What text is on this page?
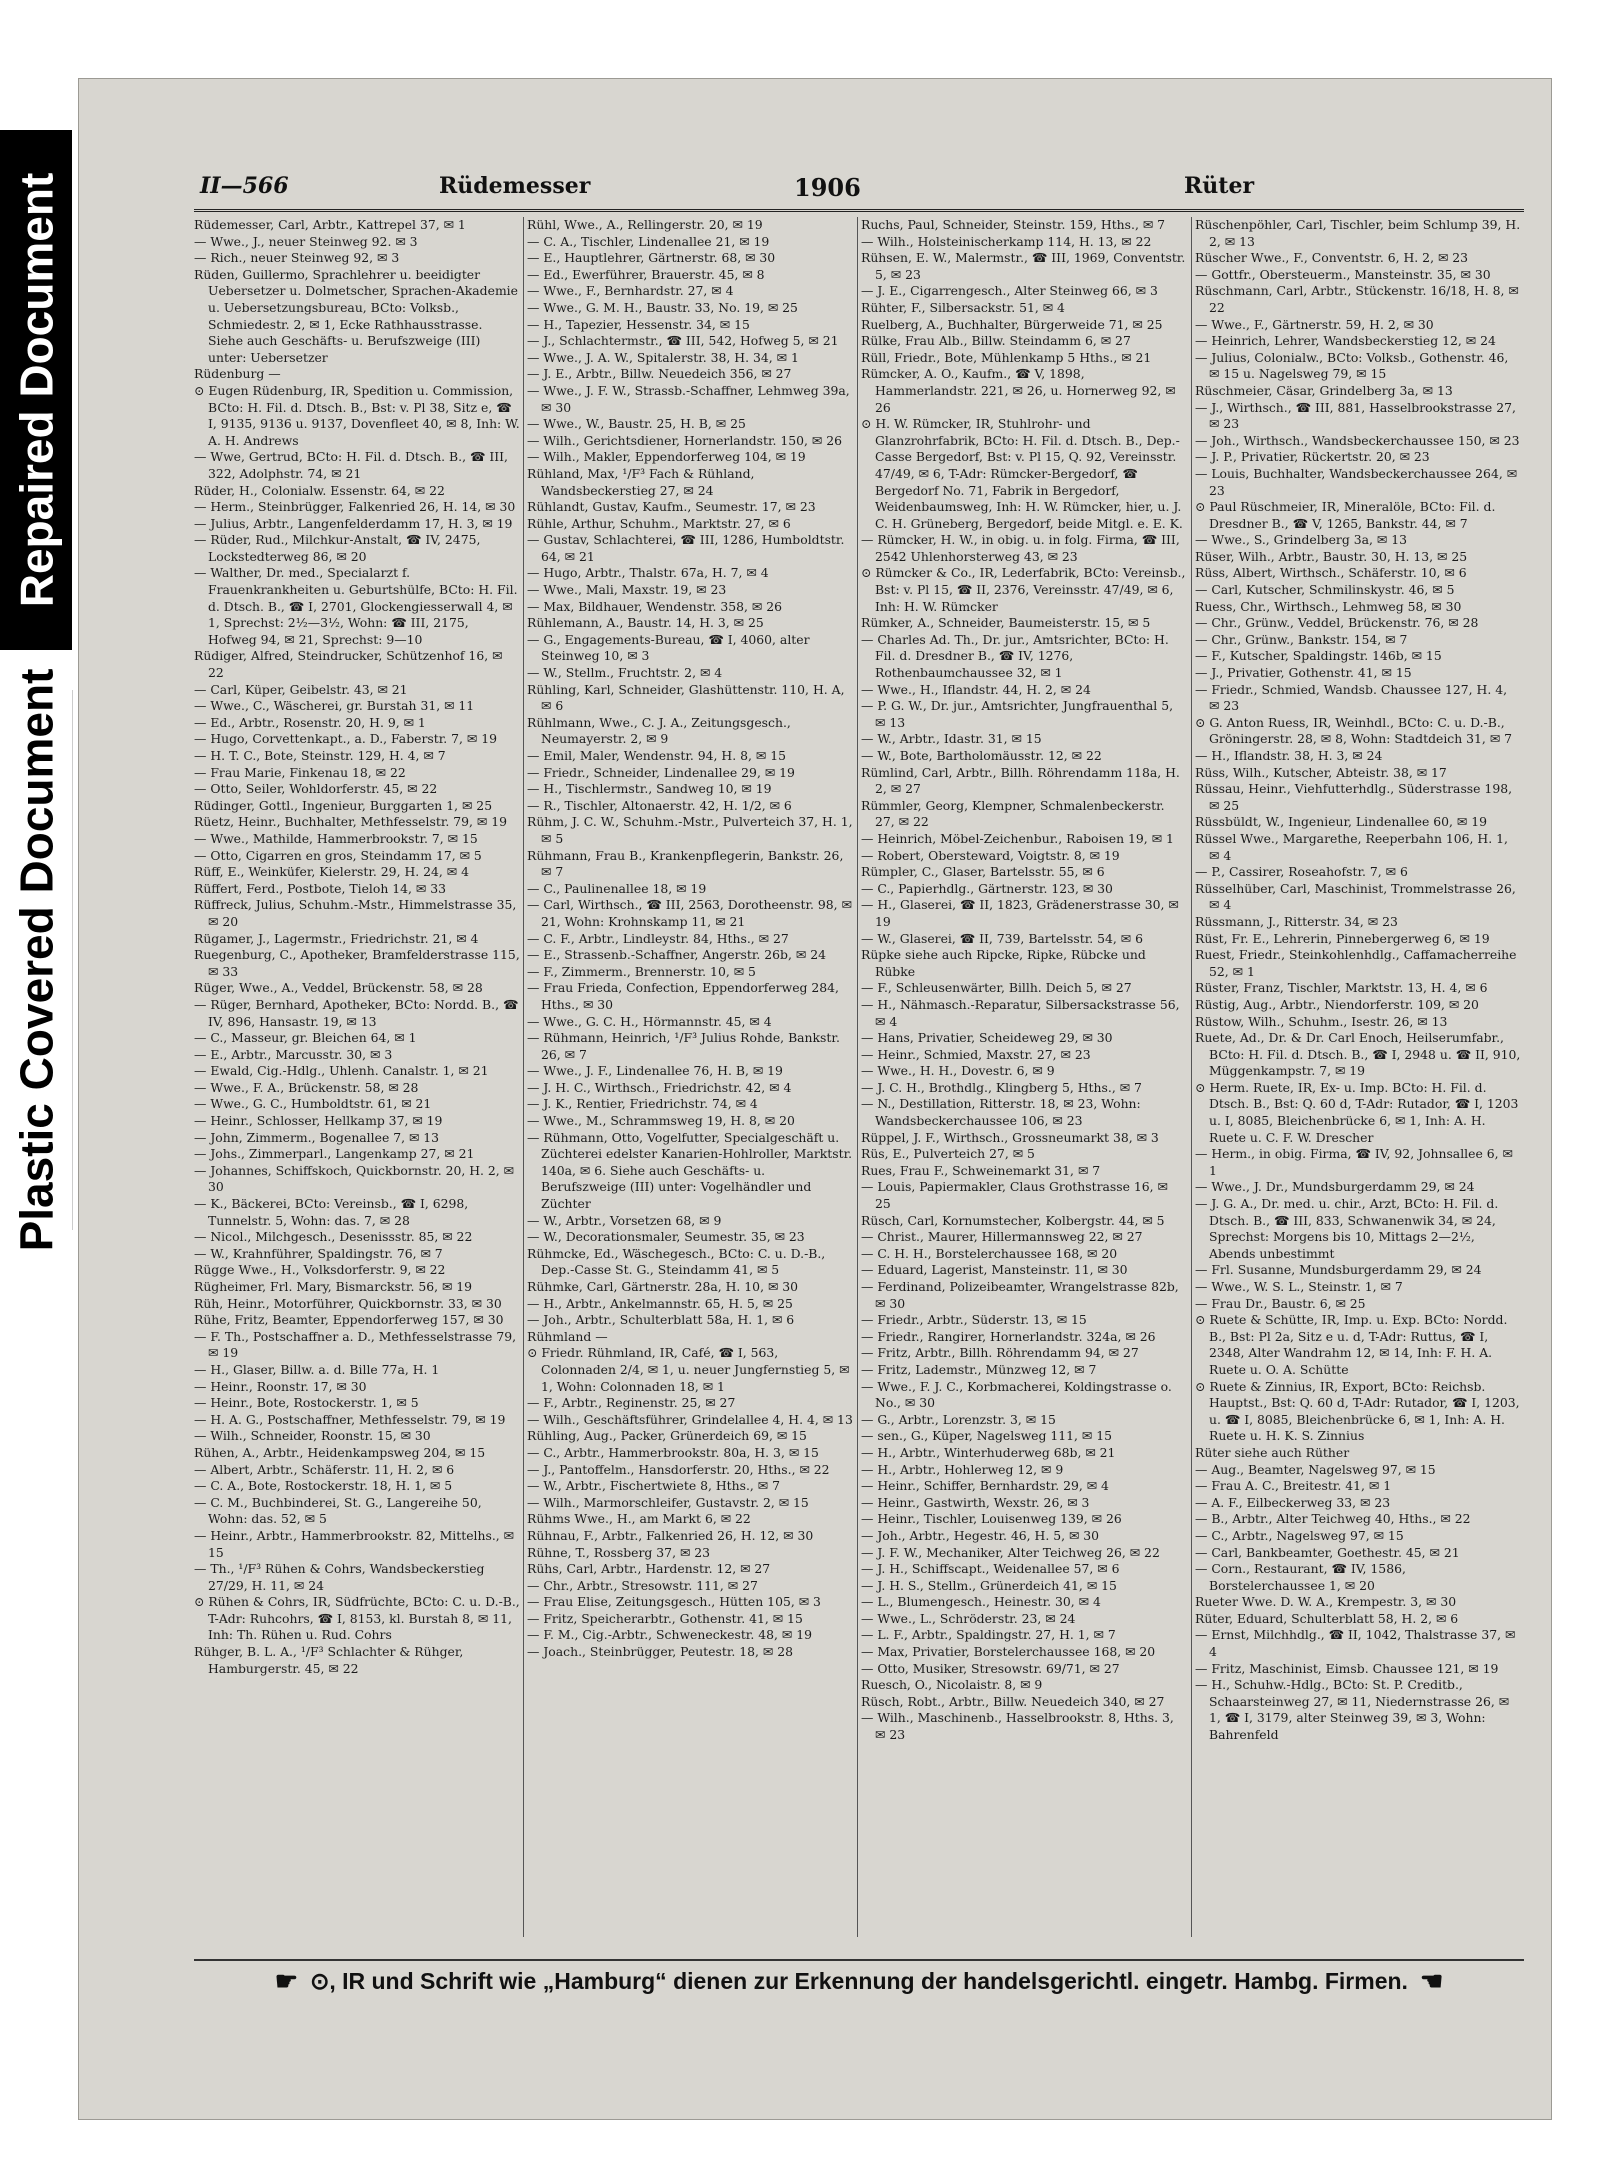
Repaired Document
Plastic Covered Document
II—566	Rüdemesser	1906	Rüter

Rüdemesser, Carl, Arbtr., Kattrepel 37, ✉ 1

— Wwe., J., neuer Steinweg 92. ✉ 3

— Rich., neuer Steinweg 92, ✉ 3

Rüden, Guillermo, Sprachlehrer u. beeidigter Uebersetzer u. Dolmetscher, Sprachen-Akademie u. Uebersetzungsbureau, BCto: Volksb., Schmiedestr. 2, ✉ 1, Ecke Rathhausstrasse. Siehe auch Geschäfts- u. Berufszweige (III) unter: Uebersetzer

Rüdenburg —

⊙ Eugen Rüdenburg, IR, Spedition u. Commission, BCto: H. Fil. d. Dtsch. B., Bst: v. Pl 38, Sitz e, ☎ I, 9135, 9136 u. 9137, Dovenfleet 40, ✉ 8, Inh: W. A. H. Andrews

— Wwe, Gertrud, BCto: H. Fil. d. Dtsch. B., ☎ III, 322, Adolphstr. 74, ✉ 21

Rüder, H., Colonialw. Essenstr. 64, ✉ 22

— Herm., Steinbrügger, Falkenried 26, H. 14, ✉ 30

— Julius, Arbtr., Langenfelderdamm 17, H. 3, ✉ 19

— Rüder, Rud., Milchkur-Anstalt, ☎ IV, 2475, Lockstedterweg 86, ✉ 20

— Walther, Dr. med., Specialarzt f. Frauenkrankheiten u. Geburtshülfe, BCto: H. Fil. d. Dtsch. B., ☎ I, 2701, Glockengiesserwall 4, ✉ 1, Sprechst: 2½—3½, Wohn: ☎ III, 2175, Hofweg 94, ✉ 21, Sprechst: 9—10

Rüdiger, Alfred, Steindrucker, Schützenhof 16, ✉ 22

— Carl, Küper, Geibelstr. 43, ✉ 21

— Wwe., C., Wäscherei, gr. Burstah 31, ✉ 11

— Ed., Arbtr., Rosenstr. 20, H. 9, ✉ 1

— Hugo, Corvettenkapt., a. D., Faberstr. 7, ✉ 19

— H. T. C., Bote, Steinstr. 129, H. 4, ✉ 7

— Frau Marie, Finkenau 18, ✉ 22

— Otto, Seiler, Wohldorferstr. 45, ✉ 22

Rüdinger, Gottl., Ingenieur, Burggarten 1, ✉ 25

Rüetz, Heinr., Buchhalter, Methfesselstr. 79, ✉ 19

— Wwe., Mathilde, Hammerbrookstr. 7, ✉ 15

— Otto, Cigarren en gros, Steindamm 17, ✉ 5

Rüff, E., Weinküfer, Kielerstr. 29, H. 24, ✉ 4

Rüffert, Ferd., Postbote, Tieloh 14, ✉ 33

Rüffreck, Julius, Schuhm.-Mstr., Himmelstrasse 35, ✉ 20

Rügamer, J., Lagermstr., Friedrichstr. 21, ✉ 4

Ruegenburg, C., Apotheker, Bramfelderstrasse 115, ✉ 33

Rüger, Wwe., A., Veddel, Brückenstr. 58, ✉ 28

— Rüger, Bernhard, Apotheker, BCto: Nordd. B., ☎ IV, 896, Hansastr. 19, ✉ 13

— C., Masseur, gr. Bleichen 64, ✉ 1

— E., Arbtr., Marcusstr. 30, ✉ 3

— Ewald, Cig.-Hdlg., Uhlenh. Canalstr. 1, ✉ 21

— Wwe., F. A., Brückenstr. 58, ✉ 28

— Wwe., G. C., Humboldtstr. 61, ✉ 21

— Heinr., Schlosser, Hellkamp 37, ✉ 19

— John, Zimmerm., Bogenallee 7, ✉ 13

— Johs., Zimmerparl., Langenkamp 27, ✉ 21

— Johannes, Schiffskoch, Quickbornstr. 20, H. 2, ✉ 30

— K., Bäckerei, BCto: Vereinsb., ☎ I, 6298, Tunnelstr. 5, Wohn: das. 7, ✉ 28

— Nicol., Milchgesch., Desenissstr. 85, ✉ 22

— W., Krahnführer, Spaldingstr. 76, ✉ 7

Rügge Wwe., H., Volksdorferstr. 9, ✉ 22

Rügheimer, Frl. Mary, Bismarckstr. 56, ✉ 19

Rüh, Heinr., Motorführer, Quickbornstr. 33, ✉ 30

Rühe, Fritz, Beamter, Eppendorferweg 157, ✉ 30

— F. Th., Postschaffner a. D., Methfesselstrasse 79, ✉ 19

— H., Glaser, Billw. a. d. Bille 77a, H. 1

— Heinr., Roonstr. 17, ✉ 30

— Heinr., Bote, Rostockerstr. 1, ✉ 5

— H. A. G., Postschaffner, Methfesselstr. 79, ✉ 19

— Wilh., Schneider, Roonstr. 15, ✉ 30

Rühen, A., Arbtr., Heidenkampsweg 204, ✉ 15

— Albert, Arbtr., Schäferstr. 11, H. 2, ✉ 6

— C. A., Bote, Rostockerstr. 18, H. 1, ✉ 5

— C. M., Buchbinderei, St. G., Langereihe 50, Wohn: das. 52, ✉ 5

— Heinr., Arbtr., Hammerbrookstr. 82, Mittelhs., ✉ 15

— Th., ¹/F³ Rühen & Cohrs, Wandsbeckerstieg 27/29, H. 11, ✉ 24

⊙ Rühen & Cohrs, IR, Südfrüchte, BCto: C. u. D.-B., T-Adr: Ruhcohrs, ☎ I, 8153, kl. Burstah 8, ✉ 11, Inh: Th. Rühen u. Rud. Cohrs

Rühger, B. L. A., ¹/F³ Schlachter & Rühger, Hamburgerstr. 45, ✉ 22

Rühl, Wwe., A., Rellingerstr. 20, ✉ 19

— C. A., Tischler, Lindenallee 21, ✉ 19

— E., Hauptlehrer, Gärtnerstr. 68, ✉ 30

— Ed., Ewerführer, Brauerstr. 45, ✉ 8

— Wwe., F., Bernhardstr. 27, ✉ 4

— Wwe., G. M. H., Baustr. 33, No. 19, ✉ 25

— H., Tapezier, Hessenstr. 34, ✉ 15

— J., Schlachtermstr., ☎ III, 542, Hofweg 5, ✉ 21

— Wwe., J. A. W., Spitalerstr. 38, H. 34, ✉ 1

— J. E., Arbtr., Billw. Neuedeich 356, ✉ 27

— Wwe., J. F. W., Strassb.-Schaffner, Lehmweg 39a, ✉ 30

— Wwe., W., Baustr. 25, H. B, ✉ 25

— Wilh., Gerichtsdiener, Hornerlandstr. 150, ✉ 26

— Wilh., Makler, Eppendorferweg 104, ✉ 19

Rühland, Max, ¹/F³ Fach & Rühland, Wandsbeckerstieg 27, ✉ 24

Rühlandt, Gustav, Kaufm., Seumestr. 17, ✉ 23

Rühle, Arthur, Schuhm., Marktstr. 27, ✉ 6

— Gustav, Schlachterei, ☎ III, 1286, Humboldtstr. 64, ✉ 21

— Hugo, Arbtr., Thalstr. 67a, H. 7, ✉ 4

— Wwe., Mali, Maxstr. 19, ✉ 23

— Max, Bildhauer, Wendenstr. 358, ✉ 26

Rühlemann, A., Baustr. 14, H. 3, ✉ 25

— G., Engagements-Bureau, ☎ I, 4060, alter Steinweg 10, ✉ 3

— W., Stellm., Fruchtstr. 2, ✉ 4

Rühling, Karl, Schneider, Glashüttenstr. 110, H. A, ✉ 6

Rühlmann, Wwe., C. J. A., Zeitungsgesch., Neumayerstr. 2, ✉ 9

— Emil, Maler, Wendenstr. 94, H. 8, ✉ 15

— Friedr., Schneider, Lindenallee 29, ✉ 19

— H., Tischlermstr., Sandweg 10, ✉ 19

— R., Tischler, Altonaerstr. 42, H. 1/2, ✉ 6

Rühm, J. C. W., Schuhm.-Mstr., Pulverteich 37, H. 1, ✉ 5

Rühmann, Frau B., Krankenpflegerin, Bankstr. 26, ✉ 7

— C., Paulinenallee 18, ✉ 19

— Carl, Wirthsch., ☎ III, 2563, Dorotheenstr. 98, ✉ 21, Wohn: Krohnskamp 11, ✉ 21

— C. F., Arbtr., Lindleystr. 84, Hths., ✉ 27

— E., Strassenb.-Schaffner, Angerstr. 26b, ✉ 24

— F., Zimmerm., Brennerstr. 10, ✉ 5

— Frau Frieda, Confection, Eppendorferweg 284, Hths., ✉ 30

— Wwe., G. C. H., Hörmannstr. 45, ✉ 4

— Rühmann, Heinrich, ¹/F³ Julius Rohde, Bankstr. 26, ✉ 7

— Wwe., J. F., Lindenallee 76, H. B, ✉ 19

— J. H. C., Wirthsch., Friedrichstr. 42, ✉ 4

— J. K., Rentier, Friedrichstr. 74, ✉ 4

— Wwe., M., Schrammsweg 19, H. 8, ✉ 20

— Rühmann, Otto, Vogelfutter, Specialgeschäft u. Züchterei edelster Kanarien-Hohlroller, Marktstr. 140a, ✉ 6. Siehe auch Geschäfts- u. Berufszweige (III) unter: Vogelhändler und Züchter

— W., Arbtr., Vorsetzen 68, ✉ 9

— W., Decorationsmaler, Seumestr. 35, ✉ 23

Rühmcke, Ed., Wäschegesch., BCto: C. u. D.-B., Dep.-Casse St. G., Steindamm 41, ✉ 5

Rühmke, Carl, Gärtnerstr. 28a, H. 10, ✉ 30

— H., Arbtr., Ankelmannstr. 65, H. 5, ✉ 25

— Joh., Arbtr., Schulterblatt 58a, H. 1, ✉ 6

Rühmland —

⊙ Friedr. Rühmland, IR, Café, ☎ I, 563, Colonnaden 2/4, ✉ 1, u. neuer Jungfernstieg 5, ✉ 1, Wohn: Colonnaden 18, ✉ 1

— F., Arbtr., Reginenstr. 25, ✉ 27

— Wilh., Geschäftsführer, Grindelallee 4, H. 4, ✉ 13

Rühling, Aug., Packer, Grünerdeich 69, ✉ 15

— C., Arbtr., Hammerbrookstr. 80a, H. 3, ✉ 15

— J., Pantoffelm., Hansdorferstr. 20, Hths., ✉ 22

— W., Arbtr., Fischertwiete 8, Hths., ✉ 7

— Wilh., Marmorschleifer, Gustavstr. 2, ✉ 15

Rühms Wwe., H., am Markt 6, ✉ 22

Rühnau, F., Arbtr., Falkenried 26, H. 12, ✉ 30

Rühne, T., Rossberg 37, ✉ 23

Rühs, Carl, Arbtr., Hardenstr. 12, ✉ 27

— Chr., Arbtr., Stresowstr. 111, ✉ 27

— Frau Elise, Zeitungsgesch., Hütten 105, ✉ 3

— Fritz, Speicherarbtr., Gothenstr. 41, ✉ 15

— F. M., Cig.-Arbtr., Schweneckestr. 48, ✉ 19

— Joach., Steinbrügger, Peutestr. 18, ✉ 28

Ruchs, Paul, Schneider, Steinstr. 159, Hths., ✉ 7

— Wilh., Holsteinischerkamp 114, H. 13, ✉ 22

Rühsen, E. W., Malermstr., ☎ III, 1969, Conventstr. 5, ✉ 23

— J. E., Cigarrengesch., Alter Steinweg 66, ✉ 3

Rühter, F., Silbersackstr. 51, ✉ 4

Ruelberg, A., Buchhalter, Bürgerweide 71, ✉ 25

Rülke, Frau Alb., Billw. Steindamm 6, ✉ 27

Rüll, Friedr., Bote, Mühlenkamp 5 Hths., ✉ 21

Rümcker, A. O., Kaufm., ☎ V, 1898, Hammerlandstr. 221, ✉ 26, u. Hornerweg 92, ✉ 26

⊙ H. W. Rümcker, IR, Stuhlrohr- und Glanzrohrfabrik, BCto: H. Fil. d. Dtsch. B., Dep.-Casse Bergedorf, Bst: v. Pl 15, Q. 92, Vereinsstr. 47/49, ✉ 6, T-Adr: Rümcker-Bergedorf, ☎ Bergedorf No. 71, Fabrik in Bergedorf, Weidenbaumsweg, Inh: H. W. Rümcker, hier, u. J. C. H. Grüneberg, Bergedorf, beide Mitgl. e. E. K.

— Rümcker, H. W., in obig. u. in folg. Firma, ☎ III, 2542 Uhlenhorsterweg 43, ✉ 23

⊙ Rümcker & Co., IR, Lederfabrik, BCto: Vereinsb., Bst: v. Pl 15, ☎ II, 2376, Vereinsstr. 47/49, ✉ 6, Inh: H. W. Rümcker

Rümker, A., Schneider, Baumeisterstr. 15, ✉ 5

— Charles Ad. Th., Dr. jur., Amtsrichter, BCto: H. Fil. d. Dresdner B., ☎ IV, 1276, Rothenbaumchaussee 32, ✉ 1

— Wwe., H., Iflandstr. 44, H. 2, ✉ 24

— P. G. W., Dr. jur., Amtsrichter, Jungfrauenthal 5, ✉ 13

— W., Arbtr., Idastr. 31, ✉ 15

— W., Bote, Bartholomäusstr. 12, ✉ 22

Rümlind, Carl, Arbtr., Billh. Röhrendamm 118a, H. 2, ✉ 27

Rümmler, Georg, Klempner, Schmalenbeckerstr. 27, ✉ 22

— Heinrich, Möbel-Zeichenbur., Raboisen 19, ✉ 1

— Robert, Obersteward, Voigtstr. 8, ✉ 19

Rümpler, C., Glaser, Bartelsstr. 55, ✉ 6

— C., Papierhdlg., Gärtnerstr. 123, ✉ 30

— H., Glaserei, ☎ II, 1823, Grädenerstrasse 30, ✉ 19

— W., Glaserei, ☎ II, 739, Bartelsstr. 54, ✉ 6

Rüpke siehe auch Ripcke, Ripke, Rübcke und Rübke

— F., Schleusenwärter, Billh. Deich 5, ✉ 27

— H., Nähmasch.-Reparatur, Silbersackstrasse 56, ✉ 4

— Hans, Privatier, Scheideweg 29, ✉ 30

— Heinr., Schmied, Maxstr. 27, ✉ 23

— Wwe., H. H., Dovestr. 6, ✉ 9

— J. C. H., Brothdlg., Klingberg 5, Hths., ✉ 7

— N., Destillation, Ritterstr. 18, ✉ 23, Wohn: Wandsbeckerchaussee 106, ✉ 23

Rüppel, J. F., Wirthsch., Grossneumarkt 38, ✉ 3

Rüs, E., Pulverteich 27, ✉ 5

Rues, Frau F., Schweinemarkt 31, ✉ 7

— Louis, Papiermakler, Claus Grothstrasse 16, ✉ 25

Rüsch, Carl, Kornumstecher, Kolbergstr. 44, ✉ 5

— Christ., Maurer, Hillermannsweg 22, ✉ 27

— C. H. H., Borstelerchaussee 168, ✉ 20

— Eduard, Lagerist, Mansteinstr. 11, ✉ 30

— Ferdinand, Polizeibeamter, Wrangelstrasse 82b, ✉ 30

— Friedr., Arbtr., Süderstr. 13, ✉ 15

— Friedr., Rangirer, Hornerlandstr. 324a, ✉ 26

— Fritz, Arbtr., Billh. Röhrendamm 94, ✉ 27

— Fritz, Lademstr., Münzweg 12, ✉ 7

— Wwe., F. J. C., Korbmacherei, Koldingstrasse o. No., ✉ 30

— G., Arbtr., Lorenzstr. 3, ✉ 15

— sen., G., Küper, Nagelsweg 111, ✉ 15

— H., Arbtr., Winterhuderweg 68b, ✉ 21

— H., Arbtr., Hohlerweg 12, ✉ 9

— Heinr., Schiffer, Bernhardstr. 29, ✉ 4

— Heinr., Gastwirth, Wexstr. 26, ✉ 3

— Heinr., Tischler, Louisenweg 139, ✉ 26

— Joh., Arbtr., Hegestr. 46, H. 5, ✉ 30

— J. F. W., Mechaniker, Alter Teichweg 26, ✉ 22

— J. H., Schiffscapt., Weidenallee 57, ✉ 6

— J. H. S., Stellm., Grünerdeich 41, ✉ 15

— L., Blumengesch., Heinestr. 30, ✉ 4

— Wwe., L., Schröderstr. 23, ✉ 24

— L. F., Arbtr., Spaldingstr. 27, H. 1, ✉ 7

— Max, Privatier, Borstelerchaussee 168, ✉ 20

— Otto, Musiker, Stresowstr. 69/71, ✉ 27

Ruesch, O., Nicolaistr. 8, ✉ 9

Rüsch, Robt., Arbtr., Billw. Neuedeich 340, ✉ 27

— Wilh., Maschinenb., Hasselbrookstr. 8, Hths. 3, ✉ 23

Rüschenpöhler, Carl, Tischler, beim Schlump 39, H. 2, ✉ 13

Rüscher Wwe., F., Conventstr. 6, H. 2, ✉ 23

— Gottfr., Obersteuerm., Mansteinstr. 35, ✉ 30

Rüschmann, Carl, Arbtr., Stückenstr. 16/18, H. 8, ✉ 22

— Wwe., F., Gärtnerstr. 59, H. 2, ✉ 30

— Heinrich, Lehrer, Wandsbeckerstieg 12, ✉ 24

— Julius, Colonialw., BCto: Volksb., Gothenstr. 46, ✉ 15 u. Nagelsweg 79, ✉ 15

Rüschmeier, Cäsar, Grindelberg 3a, ✉ 13

— J., Wirthsch., ☎ III, 881, Hasselbrookstrasse 27, ✉ 23

— Joh., Wirthsch., Wandsbeckerchaussee 150, ✉ 23

— J. P., Privatier, Rückertstr. 20, ✉ 23

— Louis, Buchhalter, Wandsbeckerchaussee 264, ✉ 23

⊙ Paul Rüschmeier, IR, Mineralöle, BCto: Fil. d. Dresdner B., ☎ V, 1265, Bankstr. 44, ✉ 7

— Wwe., S., Grindelberg 3a, ✉ 13

Rüser, Wilh., Arbtr., Baustr. 30, H. 13, ✉ 25

Rüss, Albert, Wirthsch., Schäferstr. 10, ✉ 6

— Carl, Kutscher, Schmilinskystr. 46, ✉ 5

Ruess, Chr., Wirthsch., Lehmweg 58, ✉ 30

— Chr., Grünw., Veddel, Brückenstr. 76, ✉ 28

— Chr., Grünw., Bankstr. 154, ✉ 7

— F., Kutscher, Spaldingstr. 146b, ✉ 15

— J., Privatier, Gothenstr. 41, ✉ 15

— Friedr., Schmied, Wandsb. Chaussee 127, H. 4, ✉ 23

⊙ G. Anton Ruess, IR, Weinhdl., BCto: C. u. D.-B., Gröningerstr. 28, ✉ 8, Wohn: Stadtdeich 31, ✉ 7

— H., Iflandstr. 38, H. 3, ✉ 24

Rüss, Wilh., Kutscher, Abteistr. 38, ✉ 17

Rüssau, Heinr., Viehfutterhdlg., Süderstrasse 198, ✉ 25

Rüssbüldt, W., Ingenieur, Lindenallee 60, ✉ 19

Rüssel Wwe., Margarethe, Reeperbahn 106, H. 1, ✉ 4

— P., Cassirer, Roseahofstr. 7, ✉ 6

Rüsselhüber, Carl, Maschinist, Trommelstrasse 26, ✉ 4

Rüssmann, J., Ritterstr. 34, ✉ 23

Rüst, Fr. E., Lehrerin, Pinnebergerweg 6, ✉ 19

Ruest, Friedr., Steinkohlenhdlg., Caffamacherreihe 52, ✉ 1

Rüster, Franz, Tischler, Marktstr. 13, H. 4, ✉ 6

Rüstig, Aug., Arbtr., Niendorferstr. 109, ✉ 20

Rüstow, Wilh., Schuhm., Isestr. 26, ✉ 13

Ruete, Ad., Dr. & Dr. Carl Enoch, Heilserumfabr., BCto: H. Fil. d. Dtsch. B., ☎ I, 2948 u. ☎ II, 910, Müggenkampstr. 7, ✉ 19

⊙ Herm. Ruete, IR, Ex- u. Imp. BCto: H. Fil. d. Dtsch. B., Bst: Q. 60 d, T-Adr: Rutador, ☎ I, 1203 u. I, 8085, Bleichenbrücke 6, ✉ 1, Inh: A. H. Ruete u. C. F. W. Drescher

— Herm., in obig. Firma, ☎ IV, 92, Johnsallee 6, ✉ 1

— Wwe., J. Dr., Mundsburgerdamm 29, ✉ 24

— J. G. A., Dr. med. u. chir., Arzt, BCto: H. Fil. d. Dtsch. B., ☎ III, 833, Schwanenwik 34, ✉ 24, Sprechst: Morgens bis 10, Mittags 2—2½, Abends unbestimmt

— Frl. Susanne, Mundsburgerdamm 29, ✉ 24

— Wwe., W. S. L., Steinstr. 1, ✉ 7

— Frau Dr., Baustr. 6, ✉ 25

⊙ Ruete & Schütte, IR, Imp. u. Exp. BCto: Nordd. B., Bst: Pl 2a, Sitz e u. d, T-Adr: Ruttus, ☎ I, 2348, Alter Wandrahm 12, ✉ 14, Inh: F. H. A. Ruete u. O. A. Schütte

⊙ Ruete & Zinnius, IR, Export, BCto: Reichsb. Hauptst., Bst: Q. 60 d, T-Adr: Rutador, ☎ I, 1203, u. ☎ I, 8085, Bleichenbrücke 6, ✉ 1, Inh: A. H. Ruete u. H. K. S. Zinnius

Rüter siehe auch Rüther

— Aug., Beamter, Nagelsweg 97, ✉ 15

— Frau A. C., Breitestr. 41, ✉ 1

— A. F., Eilbeckerweg 33, ✉ 23

— B., Arbtr., Alter Teichweg 40, Hths., ✉ 22

— C., Arbtr., Nagelsweg 97, ✉ 15

— Carl, Bankbeamter, Goethestr. 45, ✉ 21

— Corn., Restaurant, ☎ IV, 1586, Borstelerchaussee 1, ✉ 20

Rueter Wwe. D. W. A., Krempestr. 3, ✉ 30

Rüter, Eduard, Schulterblatt 58, H. 2, ✉ 6

— Ernst, Milchhdlg., ☎ II, 1042, Thalstrasse 37, ✉ 4

— Fritz, Maschinist, Eimsb. Chaussee 121, ✉ 19

— H., Schuhw.-Hdlg., BCto: St. P. Creditb., Schaarsteinweg 27, ✉ 11, Niedernstrasse 26, ✉ 1, ☎ I, 3179, alter Steinweg 39, ✉ 3, Wohn: Bahrenfeld

☛ ⊙, IR und Schrift wie „Hamburg“ dienen zur Erkennung der handelsgerichtl. eingetr. Hambg. Firmen. ☚
